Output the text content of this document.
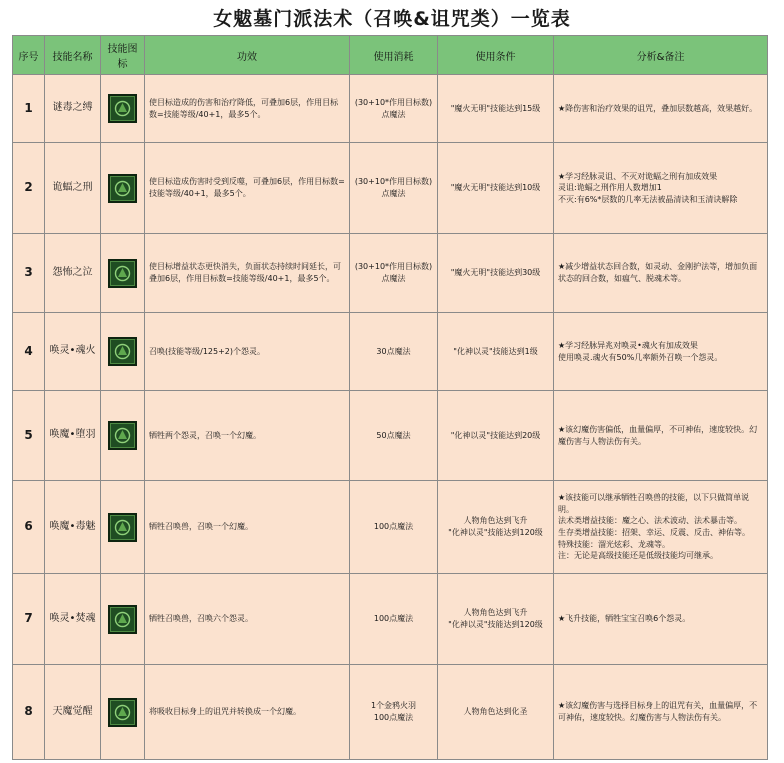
女魃墓门派法术（召唤&诅咒类）一览表
序号	技能名称	技能图标	功效	使用消耗	使用条件	分析&备注
1	谜毒之缚		使目标造成的伤害和治疗降低，可叠加6层，作用目标数=技能等级/40+1，最多5个。	(30+10*作用目标数)点魔法	"魔火无明"技能达到15级	★降伤害和治疗效果的诅咒，叠加层数越高，效果越好。
2	诡蝠之刑		使目标造成伤害时受到反噬，可叠加6层，作用目标数=技能等级/40+1，最多5个。	(30+10*作用目标数)点魔法	"魔火无明"技能达到10级	★学习经脉灵诅、不灭对诡蝠之刑有加成效果
灵诅:诡蝠之刑作用人数增加1
不灭:有6%*层数的几率无法被晶清诀和玉清诀解除
3	怨怖之泣		使目标增益状态更快消失，负面状态持续时间延长，可叠加6层，作用目标数=技能等级/40+1，最多5个。	(30+10*作用目标数)点魔法	"魔火无明"技能达到30级	★减少增益状态回合数，如灵动、金刚护法等，增加负面状态的回合数，如瘟气、脱魂术等。
4	唤灵•魂火		召唤(技能等级/125+2)个怨灵。	30点魔法	"化神以灵"技能达到1级	★学习经脉异兆对唤灵•魂火有加成效果
使用唤灵.魂火有50%几率额外召唤一个怨灵。
5	唤魔•堕羽		牺牲两个怨灵，召唤一个幻魔。	50点魔法	"化神以灵"技能达到20级	★该幻魔伤害偏低，血量偏厚，不可神佑，速度较快。幻魔伤害与人物法伤有关。
6	唤魔•毒魅		牺牲召唤兽，召唤一个幻魔。	100点魔法	人物角色达到飞升
"化神以灵"技能达到120级	★该技能可以继承牺牲召唤兽的技能，以下只做简单说明。
法术类增益技能：魔之心、法术波动、法术暴击等。
生存类增益技能：招架、幸运、反震、反击、神佑等。
特殊技能：溜光炫彩、龙魂等。
注：无论是高级技能还是低级技能均可继承。
7	唤灵•焚魂		牺牲召唤兽，召唤六个怨灵。	100点魔法	人物角色达到飞升
"化神以灵"技能达到120级	★飞升技能，牺牲宝宝召唤6个怨灵。
8	天魔觉醒		将吸收目标身上的诅咒并转换成一个幻魔。	1个金鸦火羽
100点魔法	人物角色达到化圣	★该幻魔伤害与选择目标身上的诅咒有关，血量偏厚，不可神佑，速度较快。幻魔伤害与人物法伤有关。
